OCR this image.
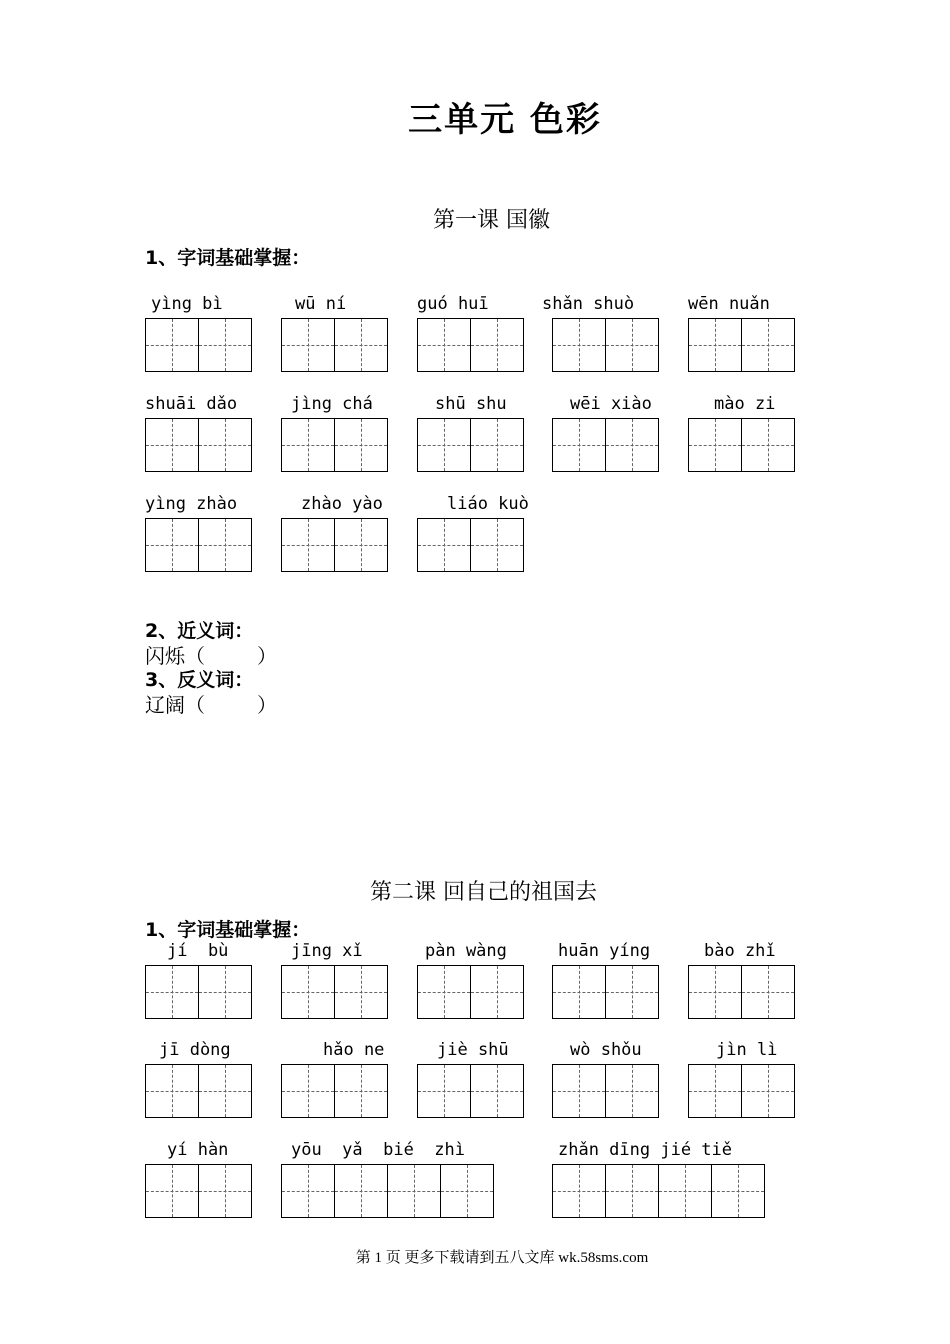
三单元 色彩
第一课 国徽
1、字词基础掌握：
yìng bì	wū ní	guó huī	shǎn shuò	wēn nuǎn
shuāi dǎo	jìng chá	shū shu	wēi xiào	mào zi
yìng zhào	zhào yào	liáo kuò
2、近义词：
闪烁（	）
3、反义词：
辽阔（	）
第二课 回自己的祖国去
1、字词基础掌握：
jí  bù	jīng xǐ	pàn wàng	huān yíng	bào zhǐ
jī dòng	hǎo ne	jiè shū	wò shǒu	jìn lì
yí hàn	yōu  yǎ  bié  zhì	zhǎn dīng jié tiě
第 1 页 更多下载请到五八文库 wk.58sms.com
